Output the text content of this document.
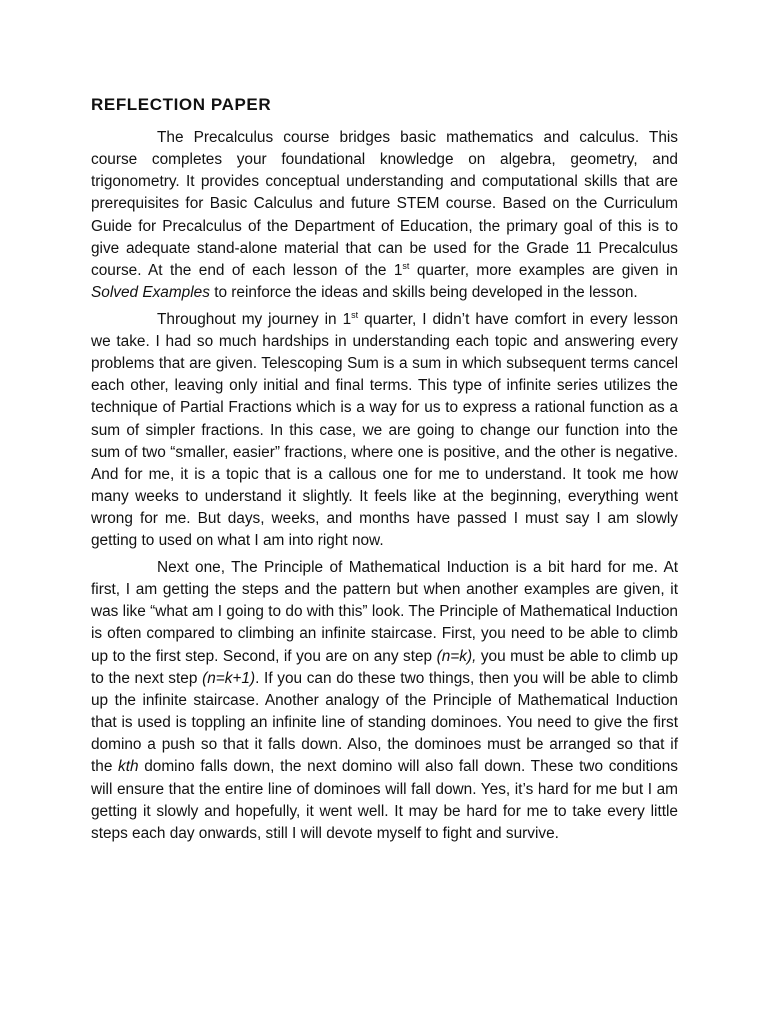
REFLECTION PAPER

The Precalculus course bridges basic mathematics and calculus. This course completes your foundational knowledge on algebra, geometry, and trigonometry. It provides conceptual understanding and computational skills that are prerequisites for Basic Calculus and future STEM course. Based on the Curriculum Guide for Precalculus of the Department of Education, the primary goal of this is to give adequate stand-alone material that can be used for the Grade 11 Precalculus course. At the end of each lesson of the 1st quarter, more examples are given in Solved Examples to reinforce the ideas and skills being developed in the lesson.

Throughout my journey in 1st quarter, I didn’t have comfort in every lesson we take. I had so much hardships in understanding each topic and answering every problems that are given. Telescoping Sum is a sum in which subsequent terms cancel each other, leaving only initial and final terms. This type of infinite series utilizes the technique of Partial Fractions which is a way for us to express a rational function as a sum of simpler fractions. In this case, we are going to change our function into the sum of two “smaller, easier” fractions, where one is positive, and the other is negative. And for me, it is a topic that is a callous one for me to understand. It took me how many weeks to understand it slightly. It feels like at the beginning, everything went wrong for me. But days, weeks, and months have passed I must say I am slowly getting to used on what I am into right now.

Next one, The Principle of Mathematical Induction is a bit hard for me. At first, I am getting the steps and the pattern but when another examples are given, it was like “what am I going to do with this” look. The Principle of Mathematical Induction is often compared to climbing an infinite staircase. First, you need to be able to climb up to the first step. Second, if you are on any step (n=k), you must be able to climb up to the next step (n=k+1). If you can do these two things, then you will be able to climb up the infinite staircase. Another analogy of the Principle of Mathematical Induction that is used is toppling an infinite line of standing dominoes. You need to give the first domino a push so that it falls down. Also, the dominoes must be arranged so that if the kth domino falls down, the next domino will also fall down. These two conditions will ensure that the entire line of dominoes will fall down. Yes, it’s hard for me but I am getting it slowly and hopefully, it went well. It may be hard for me to take every little steps each day onwards, still I will devote myself to fight and survive.
